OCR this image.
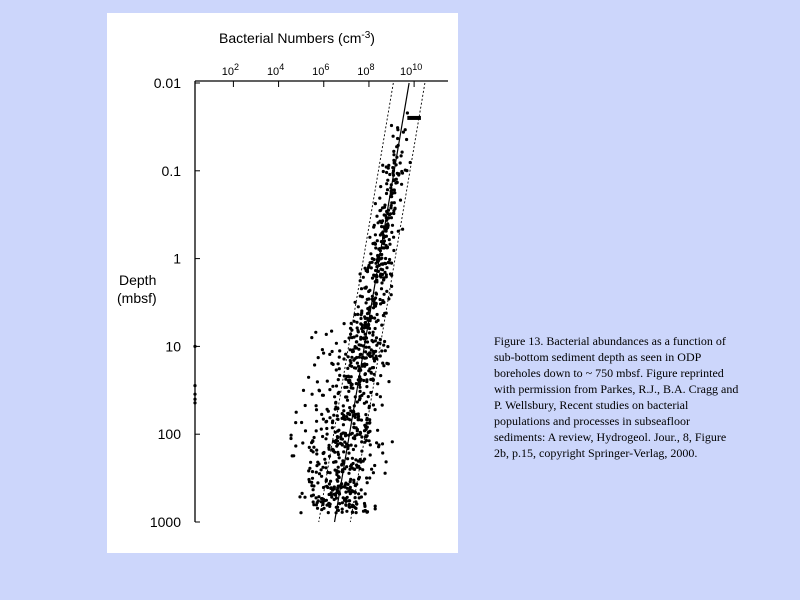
Bacterial Numbers $(cm^{-3})$
Depth
(mbsf)
$10^2$	$10^4$	$10^6$	$10^8$ $10^{10}$
0.01
0.1
1
10
100
1000

Figure 13. Bacterial abundances as a function of sub-bottom sediment depth as seen in ODP boreholes down to ~ 750 mbsf. Figure reprinted with permission from Parkes, R.J., B.A. Cragg and P. Wellsbury, Recent studies on bacterial populations and processes in subseafloor sediments: A review, Hydrogeol. Jour., 8, Figure 2b, p.15, copyright Springer-Verlag, 2000.
